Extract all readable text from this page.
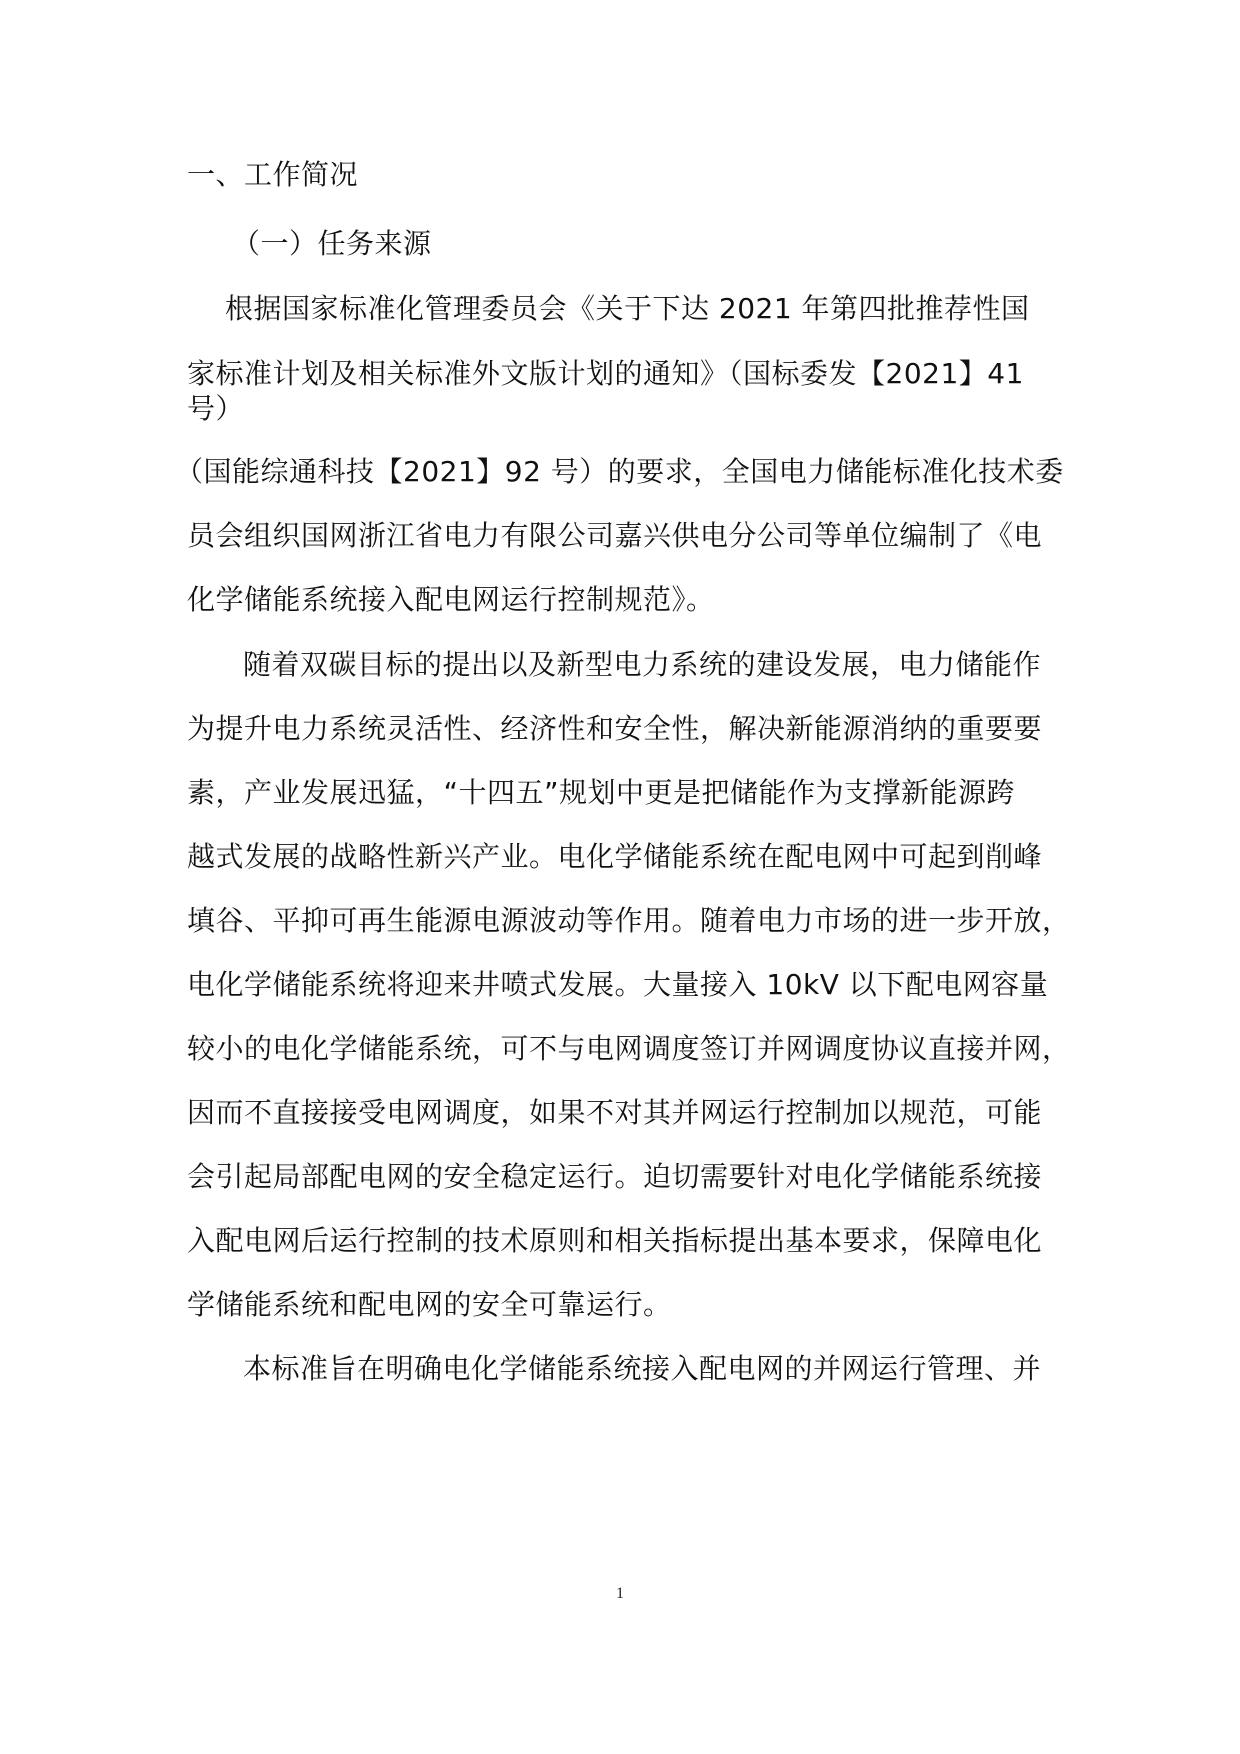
一、工作简况
（一）任务来源
根据国家标准化管理委员会《关于下达 2021 年第四批推荐性国
家标准计划及相关标准外文版计划的通知》（国标委发【2021】41
号）
（国能综通科技【2021】92 号）的要求，全国电力储能标准化技术委
员会组织国网浙江省电力有限公司嘉兴供电分公司等单位编制了《电
化学储能系统接入配电网运行控制规范》。
随着双碳目标的提出以及新型电力系统的建设发展，电力储能作
为提升电力系统灵活性、经济性和安全性，解决新能源消纳的重要要
素，产业发展迅猛，“十四五”规划中更是把储能作为支撑新能源跨
越式发展的战略性新兴产业。电化学储能系统在配电网中可起到削峰
填谷、平抑可再生能源电源波动等作用。随着电力市场的进一步开放，
电化学储能系统将迎来井喷式发展。大量接入 10kV 以下配电网容量
较小的电化学储能系统，可不与电网调度签订并网调度协议直接并网，
因而不直接接受电网调度，如果不对其并网运行控制加以规范，可能
会引起局部配电网的安全稳定运行。迫切需要针对电化学储能系统接
入配电网后运行控制的技术原则和相关指标提出基本要求，保障电化
学储能系统和配电网的安全可靠运行。
本标准旨在明确电化学储能系统接入配电网的并网运行管理、并
1
